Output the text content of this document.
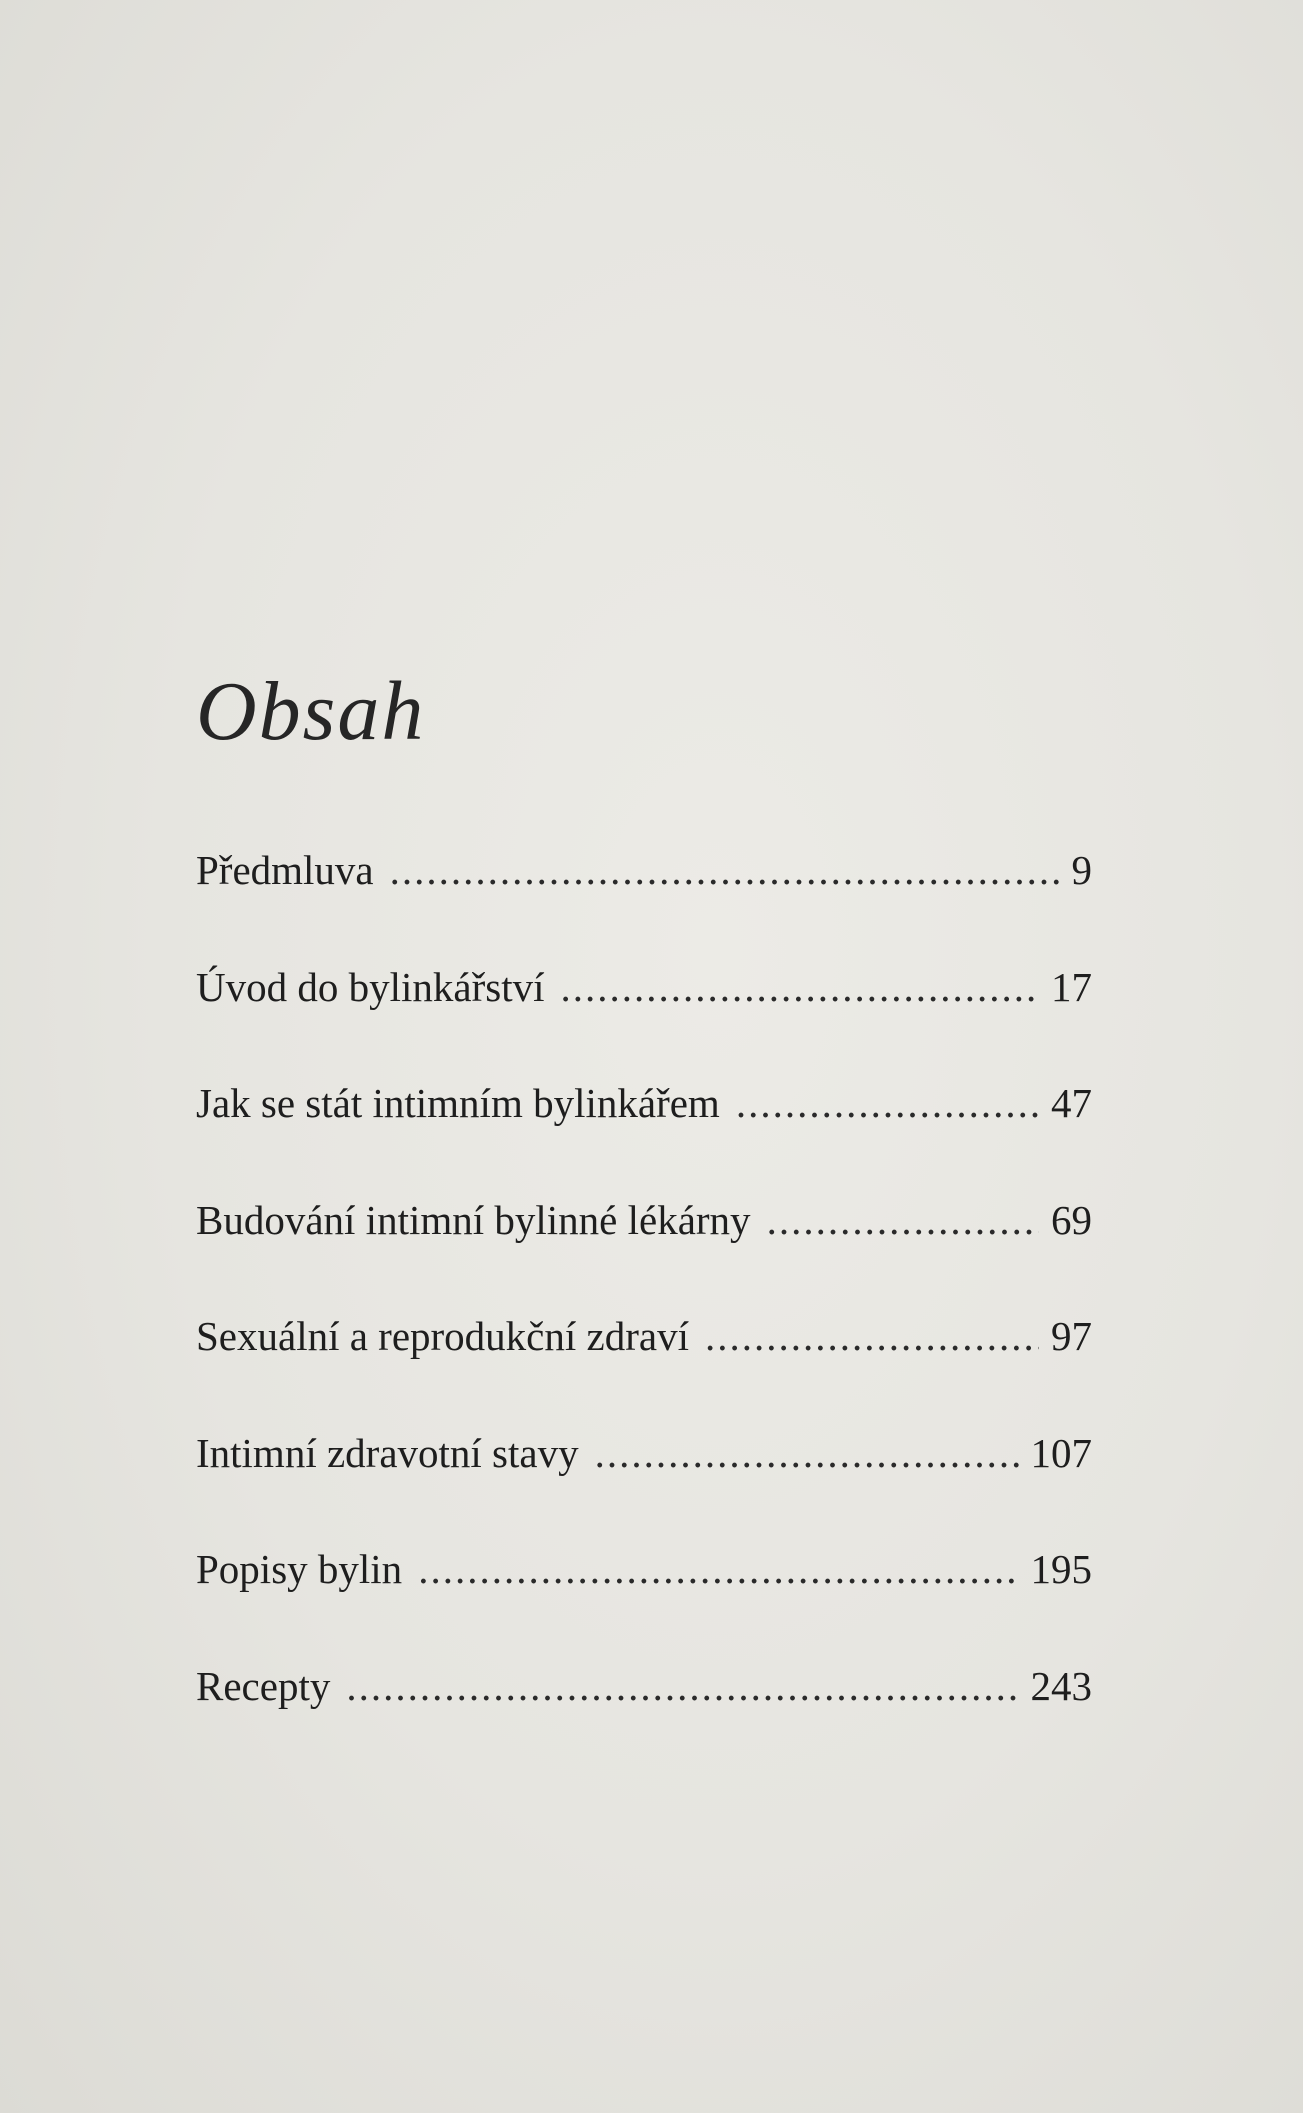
Obsah
Předmluva .....	9
Úvod do bylinkářství .....	17
Jak se stát intimním bylinkářem .....	47
Budování intimní bylinné lékárny .....	69
Sexuální a reprodukční zdraví .....	97
Intimní zdravotní stavy .....	107
Popisy bylin .....	195
Recepty .....	243
